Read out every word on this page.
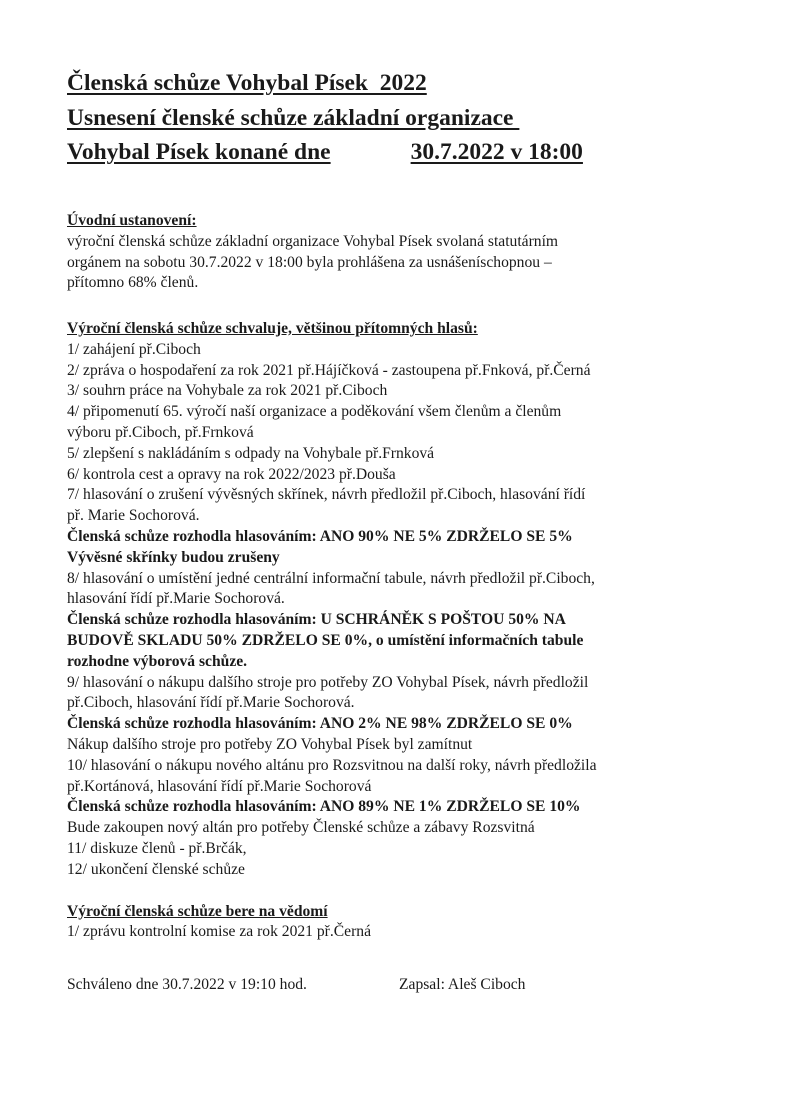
Členská schůze Vohybal Písek  2022
Usnesení členské schůze základní organizace
Vohybal Písek konané dne	30.7.2022 v 18:00

Úvodní ustanovení:

výroční členská schůze základní organizace Vohybal Písek svolaná statutárním

orgánem na sobotu 30.7.2022 v 18:00 byla prohlášena za usnášeníschopnou –

přítomno 68% členů.

Výroční členská schůze schvaluje, většinou přítomných hlasů:

1/ zahájení př.Ciboch

2/ zpráva o hospodaření za rok 2021 př.Hájíčková - zastoupena př.Fnková, př.Černá

3/ souhrn práce na Vohybale za rok 2021 př.Ciboch

4/ připomenutí 65. výročí naší organizace a poděkování všem členům a členům

výboru př.Ciboch, př.Frnková

5/ zlepšení s nakládáním s odpady na Vohybale př.Frnková

6/ kontrola cest a opravy na rok 2022/2023 př.Douša

7/ hlasování o zrušení vývěsných skřínek, návrh předložil př.Ciboch, hlasování řídí

př. Marie Sochorová.

Členská schůze rozhodla hlasováním: ANO 90% NE 5% ZDRŽELO SE 5%

Vývěsné skřínky budou zrušeny

8/ hlasování o umístění jedné centrální informační tabule, návrh předložil př.Ciboch,

hlasování řídí př.Marie Sochorová.

Členská schůze rozhodla hlasováním: U SCHRÁNĚK S POŠTOU 50% NA

BUDOVĚ SKLADU 50% ZDRŽELO SE 0%, o umístění informačních tabule

rozhodne výborová schůze.

9/ hlasování o nákupu dalšího stroje pro potřeby ZO Vohybal Písek, návrh předložil

př.Ciboch, hlasování řídí př.Marie Sochorová.

Členská schůze rozhodla hlasováním: ANO 2% NE 98% ZDRŽELO SE 0%

Nákup dalšího stroje pro potřeby ZO Vohybal Písek byl zamítnut

10/ hlasování o nákupu nového altánu pro Rozsvitnou na další roky, návrh předložila

př.Kortánová, hlasování řídí př.Marie Sochorová

Členská schůze rozhodla hlasováním: ANO 89% NE 1% ZDRŽELO SE 10%

Bude zakoupen nový altán pro potřeby Členské schůze a zábavy Rozsvitná

11/ diskuze členů - př.Brčák,

12/ ukončení členské schůze

Výroční členská schůze bere na vědomí

1/ zprávu kontrolní komise za rok 2021 př.Černá

Schváleno dne 30.7.2022 v 19:10 hod.	Zapsal: Aleš Ciboch
